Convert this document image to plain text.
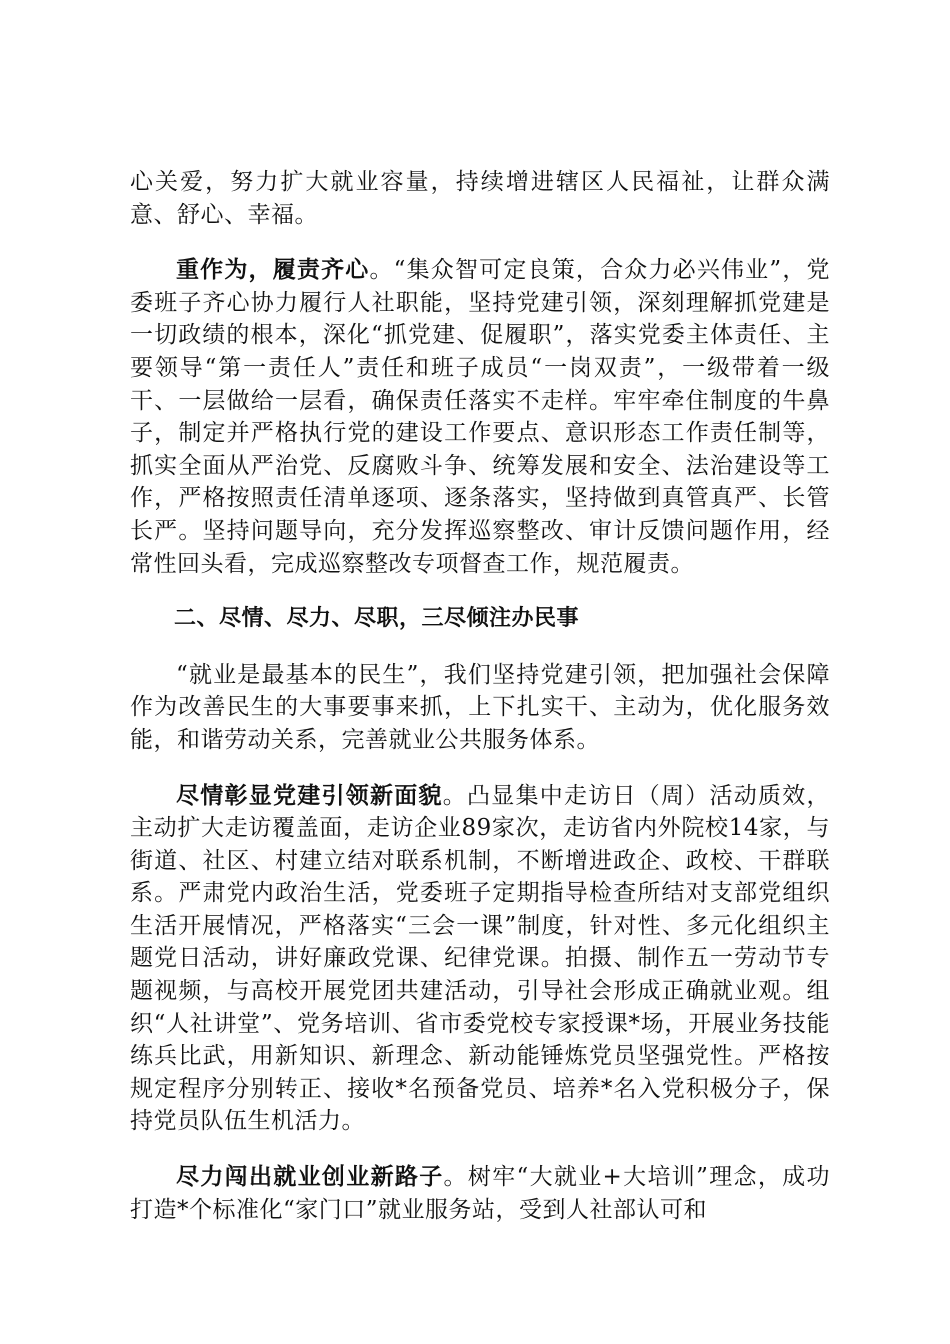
心关爱，努力扩大就业容量，持续增进辖区人民福祉，让群众满意、舒心、幸福。

重作为，履责齐心。“集众智可定良策，合众力必兴伟业”，党委班子齐心协力履行人社职能，坚持党建引领，深刻理解抓党建是一切政绩的根本，深化“抓党建、促履职”，落实党委主体责任、主要领导“第一责任人”责任和班子成员“一岗双责”，一级带着一级干、一层做给一层看，确保责任落实不走样。牢牢牵住制度的牛鼻子，制定并严格执行党的建设工作要点、意识形态工作责任制等，抓实全面从严治党、反腐败斗争、统筹发展和安全、法治建设等工作，严格按照责任清单逐项、逐条落实，坚持做到真管真严、长管长严。坚持问题导向，充分发挥巡察整改、审计反馈问题作用，经常性回头看，完成巡察整改专项督查工作，规范履责。

二、尽情、尽力、尽职，三尽倾注办民事

“就业是最基本的民生”，我们坚持党建引领，把加强社会保障作为改善民生的大事要事来抓，上下扎实干、主动为，优化服务效能，和谐劳动关系，完善就业公共服务体系。

尽情彰显党建引领新面貌。凸显集中走访日（周）活动质效，主动扩大走访覆盖面，走访企业89家次，走访省内外院校14家，与街道、社区、村建立结对联系机制，不断增进政企、政校、干群联系。严肃党内政治生活，党委班子定期指导检查所结对支部党组织生活开展情况，严格落实“三会一课”制度，针对性、多元化组织主题党日活动，讲好廉政党课、纪律党课。拍摄、制作五一劳动节专题视频，与高校开展党团共建活动，引导社会形成正确就业观。组织“人社讲堂”、党务培训、省市委党校专家授课*场，开展业务技能练兵比武，用新知识、新理念、新动能锤炼党员坚强党性。严格按规定程序分别转正、接收*名预备党员、培养*名入党积极分子，保持党员队伍生机活力。

尽力闯出就业创业新路子。树牢“大就业+大培训”理念，成功打造*个标准化“家门口”就业服务站，受到人社部认可和
